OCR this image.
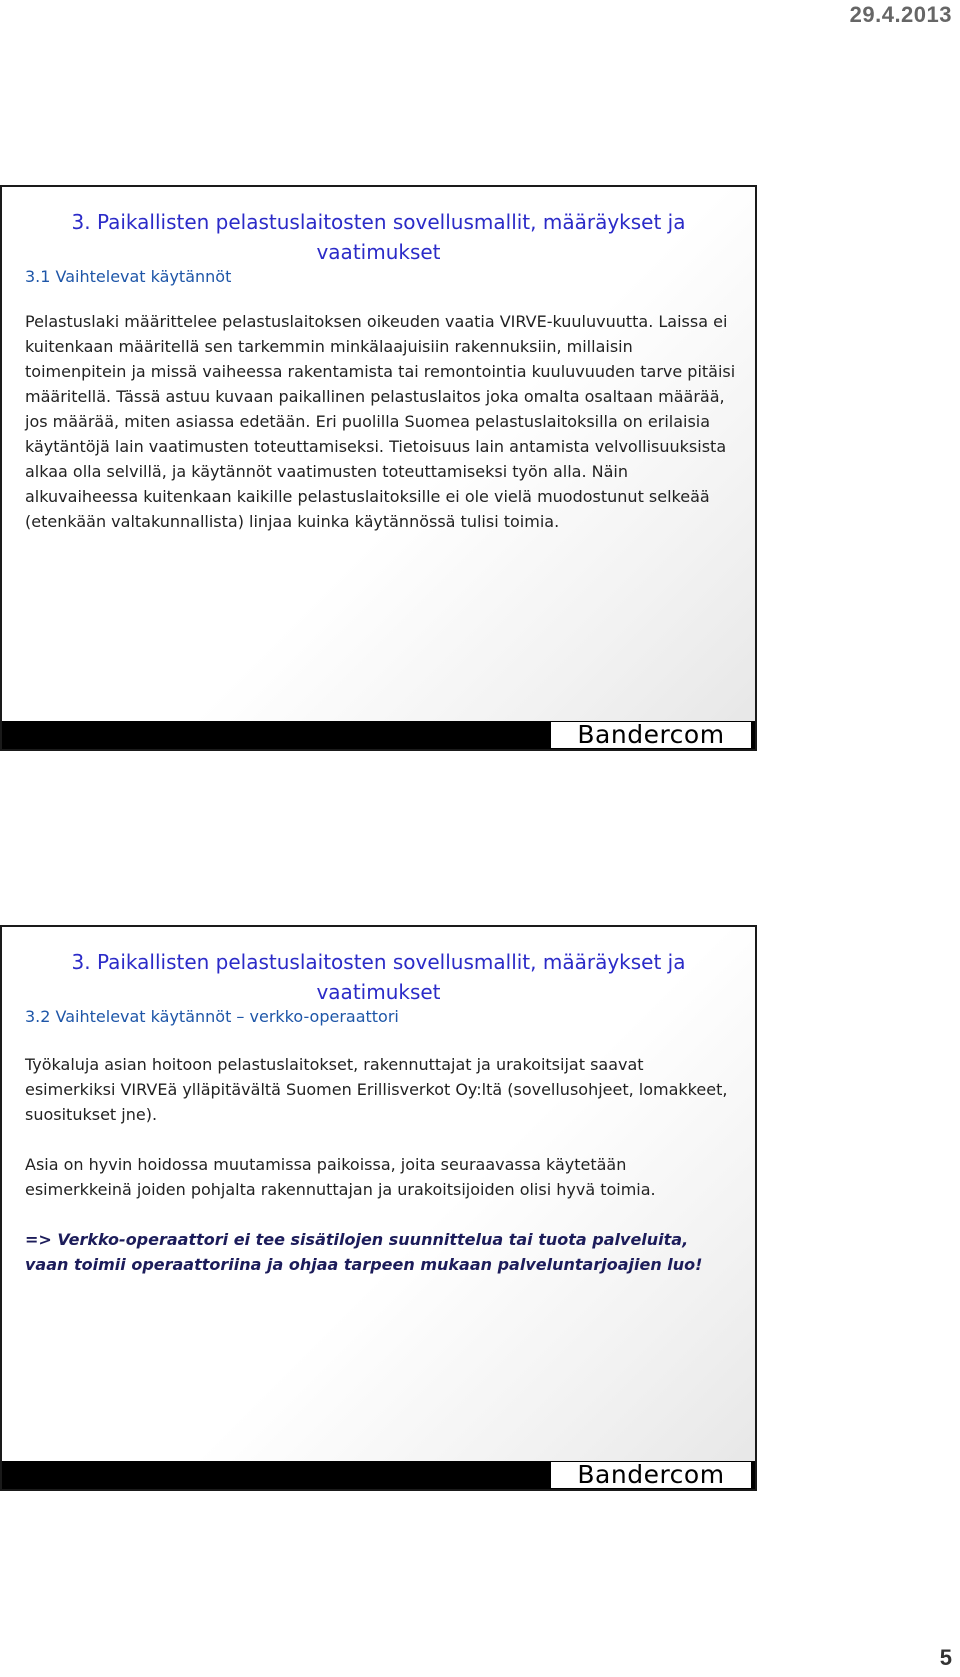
29.4.2013
3. Paikallisten pelastuslaitosten sovellusmallit, määräykset ja vaatimukset
3.1 Vaihtelevat käytännöt

Pelastuslaki määrittelee pelastuslaitoksen oikeuden vaatia VIRVE-kuuluvuutta. Laissa ei kuitenkaan määritellä sen tarkemmin minkälaajuisiin rakennuksiin, millaisin toimenpitein ja missä vaiheessa rakentamista tai remontointia kuuluvuuden tarve pitäisi määritellä. Tässä astuu kuvaan paikallinen pelastuslaitos joka omalta osaltaan määrää, jos määrää, miten asiassa edetään. Eri puolilla Suomea pelastuslaitoksilla on erilaisia käytäntöjä lain vaatimusten toteuttamiseksi. Tietoisuus lain antamista velvollisuuksista alkaa olla selvillä, ja käytännöt vaatimusten toteuttamiseksi työn alla. Näin alkuvaiheessa kuitenkaan kaikille pelastuslaitoksille ei ole vielä muodostunut selkeää (etenkään valtakunnallista) linjaa kuinka käytännössä tulisi toimia.

Bandercom
3. Paikallisten pelastuslaitosten sovellusmallit, määräykset ja vaatimukset
3.2 Vaihtelevat käytännöt – verkko-operaattori

Työkaluja asian hoitoon pelastuslaitokset, rakennuttajat ja urakoitsijat saavat esimerkiksi VIRVEä ylläpitävältä Suomen Erillisverkot Oy:ltä (sovellusohjeet, lomakkeet, suositukset jne).

Asia on hyvin hoidossa muutamissa paikoissa, joita seuraavassa käytetään esimerkkeinä joiden pohjalta rakennuttajan ja urakoitsijoiden olisi hyvä toimia.

=> Verkko-operaattori ei tee sisätilojen suunnittelua tai tuota palveluita, vaan toimii operaattoriina ja ohjaa tarpeen mukaan palveluntarjoajien luo!

Bandercom
5
